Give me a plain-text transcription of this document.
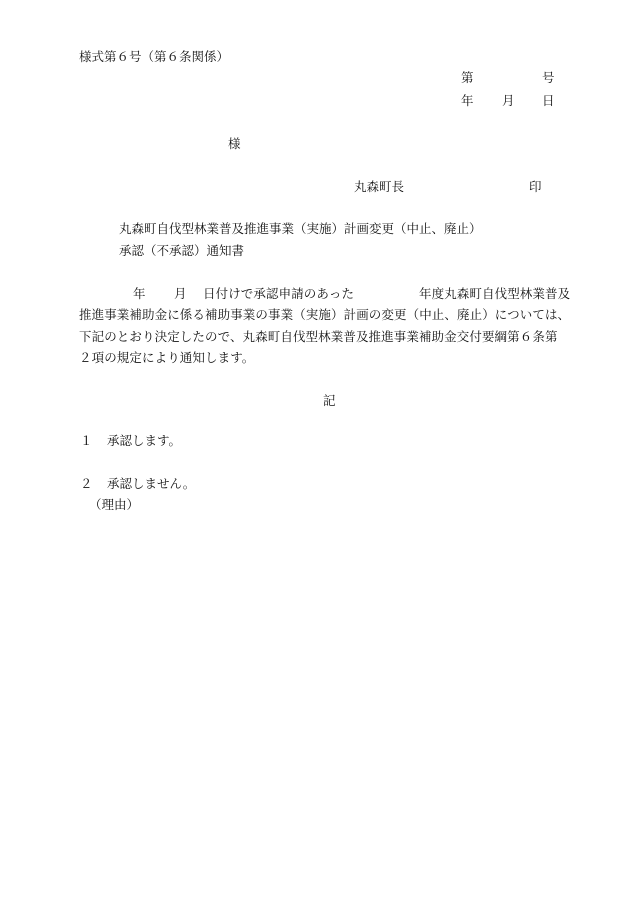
様式第６号（第６条関係）
第	号
年 月 日
様
丸森町長	印
丸森町自伐型林業普及推進事業（実施）計画変更（中止、廃止）
承認（不承認）通知書
年 月 日付けで承認申請のあった	年度丸森町自伐型林業普及
推進事業補助金に係る補助事業の事業（実施）計画の変更（中止、廃止）については、
下記のとおり決定したので、丸森町自伐型林業普及推進事業補助金交付要綱第６条第
２項の規定により通知します。
記
１ 承認します。
２ 承認しません。
（理由）
